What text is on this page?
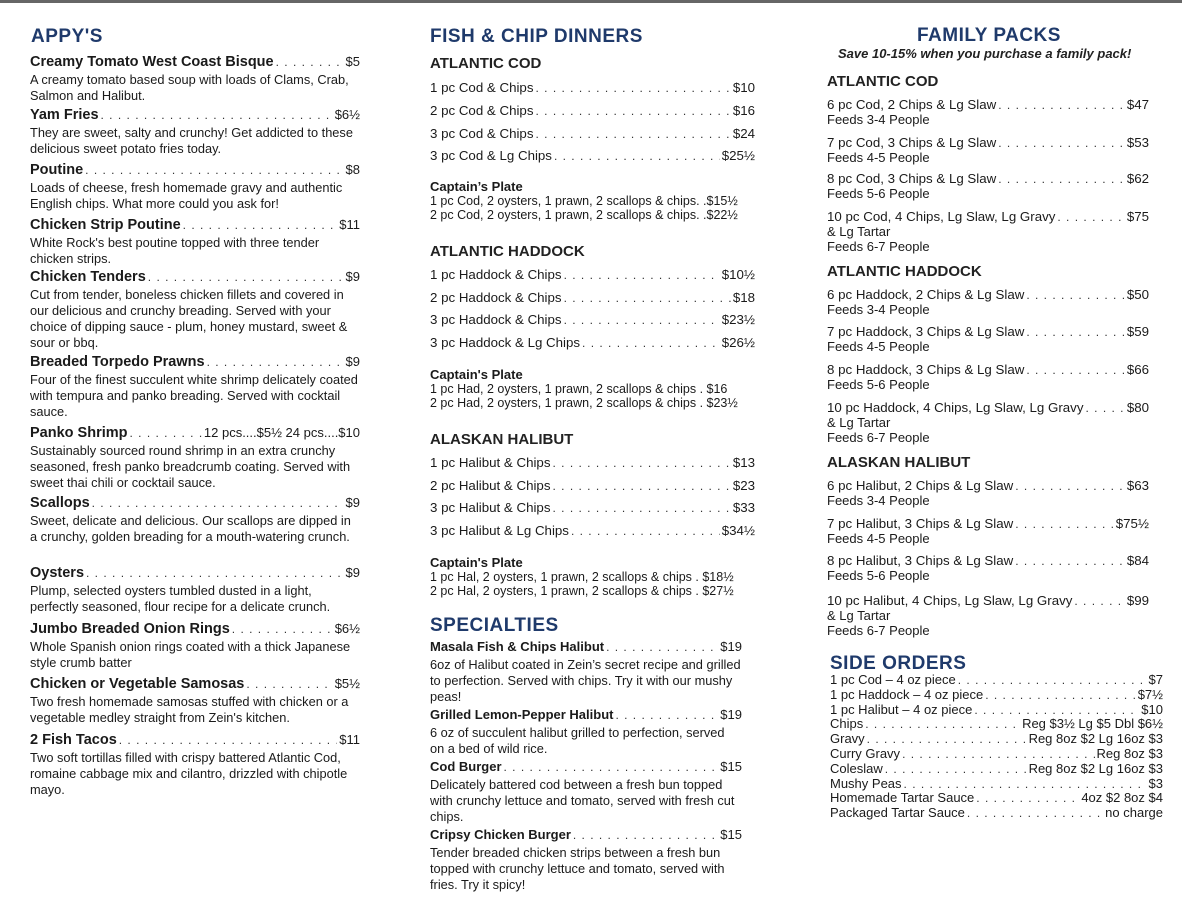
APPY'S
Creamy Tomato West Coast Bisque . . .	$5
A creamy tomato based soup with loads of Clams, Crab, Salmon and Halibut.
Yam Fries . . .	$6½
They are sweet, salty and crunchy! Get addicted to these delicious sweet potato fries today.
Poutine . . .	$8
Loads of cheese, fresh homemade gravy and authentic English chips. What more could you ask for!
Chicken Strip Poutine . . .	$11
White Rock's best poutine topped with three tender chicken strips.
Chicken Tenders . . .	$9
Cut from tender, boneless chicken fillets and covered in our delicious and crunchy breading. Served with your choice of dipping sauce - plum, honey mustard, sweet & sour or bbq.
Breaded Torpedo Prawns . . .	$9
Four of the finest succulent white shrimp delicately coated with tempura and panko breading. Served with cocktail sauce.
Panko Shrimp . . .	12 pcs....$5½ 24 pcs....$10
Sustainably sourced round shrimp in an extra crunchy seasoned, fresh panko breadcrumb coating. Served with sweet thai chili or cocktail sauce.
Scallops . . .	$9
Sweet, delicate and delicious. Our scallops are dipped in a crunchy, golden breading for a mouth-watering crunch.
Oysters . . .	$9
Plump, selected oysters tumbled dusted in a light, perfectly seasoned, flour recipe for a delicate crunch.
Jumbo Breaded Onion Rings . . .	$6½
Whole Spanish onion rings coated with a thick Japanese style crumb batter
Chicken or Vegetable Samosas . . .	$5½
Two fresh homemade samosas stuffed with chicken or a vegetable medley straight from Zein's kitchen.
2 Fish Tacos . . .	$11
Two soft tortillas filled with crispy battered Atlantic Cod, romaine cabbage mix and cilantro, drizzled with chipotle mayo.
FISH & CHIP DINNERS
ATLANTIC COD
1 pc Cod & Chips . . .	$10
2 pc Cod & Chips . . .	$16
3 pc Cod & Chips . . .	$24
3 pc Cod & Lg Chips . . .	$25½
Captain’s Plate
1 pc Cod, 2 oysters, 1 prawn, 2 scallops & chips. .$15½
2 pc Cod, 2 oysters, 1 prawn, 2 scallops & chips. .$22½
ATLANTIC HADDOCK
1 pc Haddock & Chips . . .	$10½
2 pc Haddock & Chips . . .	$18
3 pc Haddock & Chips . . .	$23½
3 pc Haddock & Lg Chips . . .	$26½
Captain's Plate
1 pc Had, 2 oysters, 1 prawn, 2 scallops & chips . $16
2 pc Had, 2 oysters, 1 prawn, 2 scallops & chips . $23½
ALASKAN HALIBUT
1 pc Halibut & Chips . . .	$13
2 pc Halibut & Chips . . .	$23
3 pc Halibut & Chips . . .	$33
3 pc Halibut & Lg Chips . . .	$34½
Captain's Plate
1 pc Hal, 2 oysters, 1 prawn, 2 scallops & chips . $18½
2 pc Hal, 2 oysters, 1 prawn, 2 scallops & chips . $27½
SPECIALTIES
Masala Fish & Chips Halibut . . .	$19
6oz of Halibut coated in Zein’s secret recipe and grilled to perfection. Served with chips. Try it with our mushy peas!
Grilled Lemon-Pepper Halibut . . .	$19
6 oz of succulent halibut grilled to perfection, served on a bed of wild rice.
Cod Burger . . .	$15
Delicately battered cod between a fresh bun topped with crunchy lettuce and tomato, served with fresh cut chips.
Cripsy Chicken Burger . . .	$15
Tender breaded chicken strips between a fresh bun topped with crunchy lettuce and tomato, served with fries. Try it spicy!
FAMILY PACKS
Save 10-15% when you purchase a family pack!
ATLANTIC COD
6 pc Cod, 2 Chips & Lg Slaw . . .	$47
Feeds 3-4 People
7 pc Cod, 3 Chips & Lg Slaw . . .	$53
Feeds 4-5 People
8 pc Cod, 3 Chips & Lg Slaw . . .	$62
Feeds 5-6 People
10 pc Cod, 4 Chips, Lg Slaw, Lg Gravy . . .	$75
& Lg Tartar
Feeds 6-7 People
ATLANTIC HADDOCK
6 pc Haddock, 2 Chips & Lg Slaw . . .	$50
Feeds 3-4 People
7 pc Haddock, 3 Chips & Lg Slaw . . .	$59
Feeds 4-5 People
8 pc Haddock, 3 Chips & Lg Slaw . . .	$66
Feeds 5-6 People
10 pc Haddock, 4 Chips, Lg Slaw, Lg Gravy . . .	$80
& Lg Tartar
Feeds 6-7 People
ALASKAN HALIBUT
6 pc Halibut, 2 Chips & Lg Slaw . . .	$63
Feeds 3-4 People
7 pc Halibut, 3 Chips & Lg Slaw . . .	$75½
Feeds 4-5 People
8 pc Halibut, 3 Chips & Lg Slaw . . .	$84
Feeds 5-6 People
10 pc Halibut, 4 Chips, Lg Slaw, Lg Gravy . . .	$99
& Lg Tartar
Feeds 6-7 People
SIDE ORDERS
1 pc Cod – 4 oz piece . . .	$7
1 pc Haddock – 4 oz piece . . .	$7½
1 pc Halibut – 4 oz piece . . .	$10
Chips . . .	Reg $3½ Lg $5 Dbl $6½
Gravy . . .	Reg 8oz $2 Lg 16oz $3
Curry Gravy . . .	Reg 8oz $3
Coleslaw . . .	Reg 8oz $2 Lg 16oz $3
Mushy Peas . . .	$3
Homemade Tartar Sauce . . .	4oz $2 8oz $4
Packaged Tartar Sauce . . .	no charge
